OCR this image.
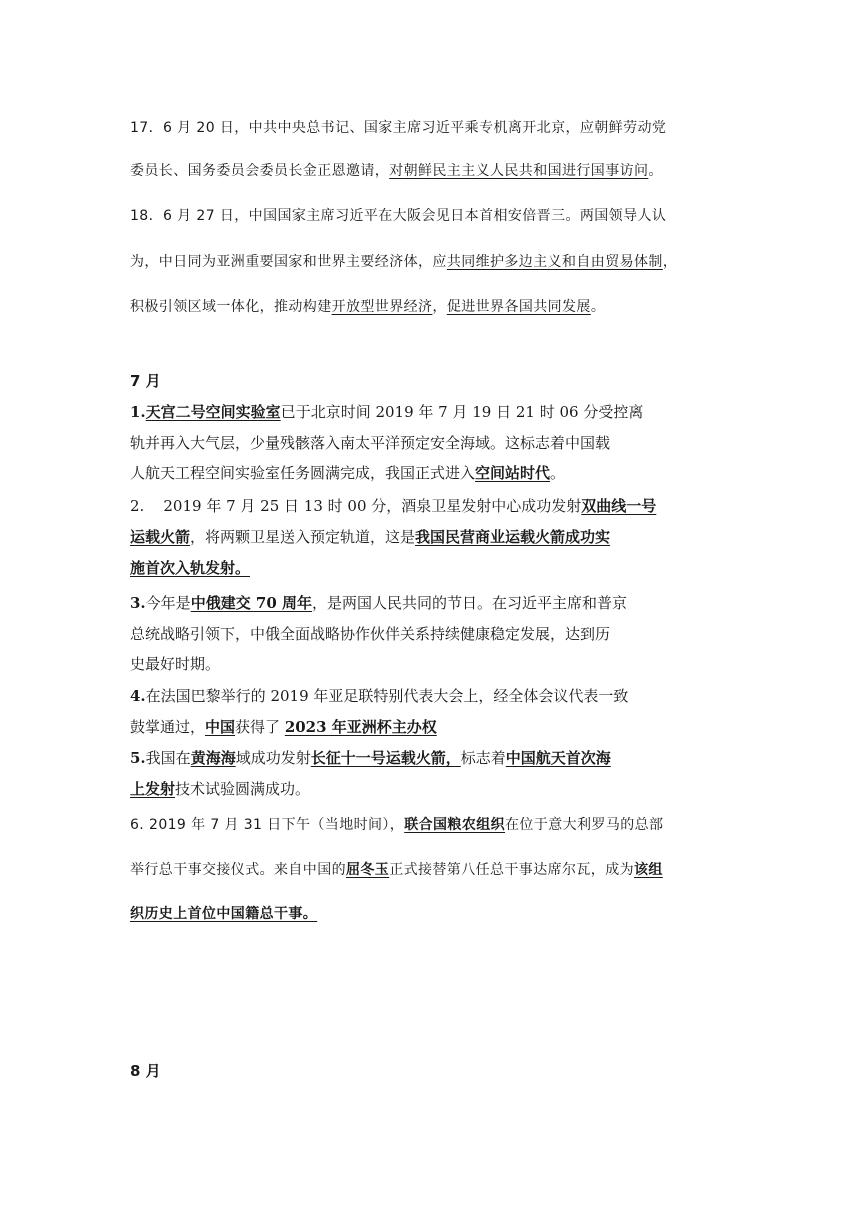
17．6 月 20 日，中共中央总书记、国家主席习近平乘专机离开北京，应朝鲜劳动党
委员长、国务委员会委员长金正恩邀请，对朝鲜民主主义人民共和国进行国事访问。
18．6 月 27 日，中国国家主席习近平在大阪会见日本首相安倍晋三。两国领导人认
为，中日同为亚洲重要国家和世界主要经济体，应共同维护多边主义和自由贸易体制，
积极引领区域一体化，推动构建开放型世界经济，促进世界各国共同发展。
7 月
1.天宫二号空间实验室已于北京时间 2019 年 7 月 19 日 21 时 06 分受控离
轨并再入大气层，少量残骸落入南太平洋预定安全海域。这标志着中国载
人航天工程空间实验室任务圆满完成，我国正式进入空间站时代。
2.    2019 年 7 月 25 日 13 时 00 分，酒泉卫星发射中心成功发射双曲线一号
运载火箭，将两颗卫星送入预定轨道，这是我国民营商业运载火箭成功实
施首次入轨发射。
3.今年是中俄建交 70 周年，是两国人民共同的节日。在习近平主席和普京
总统战略引领下，中俄全面战略协作伙伴关系持续健康稳定发展，达到历
史最好时期。
4.在法国巴黎举行的 2019 年亚足联特别代表大会上，经全体会议代表一致
鼓掌通过，中国获得了 2023 年亚洲杯主办权
5.我国在黄海海域成功发射长征十一号运载火箭，标志着中国航天首次海
上发射技术试验圆满成功。
6. 2019 年 7 月 31 日下午（当地时间），联合国粮农组织在位于意大利罗马的总部
举行总干事交接仪式。来自中国的屈冬玉正式接替第八任总干事达席尔瓦，成为该组
织历史上首位中国籍总干事。
8 月
